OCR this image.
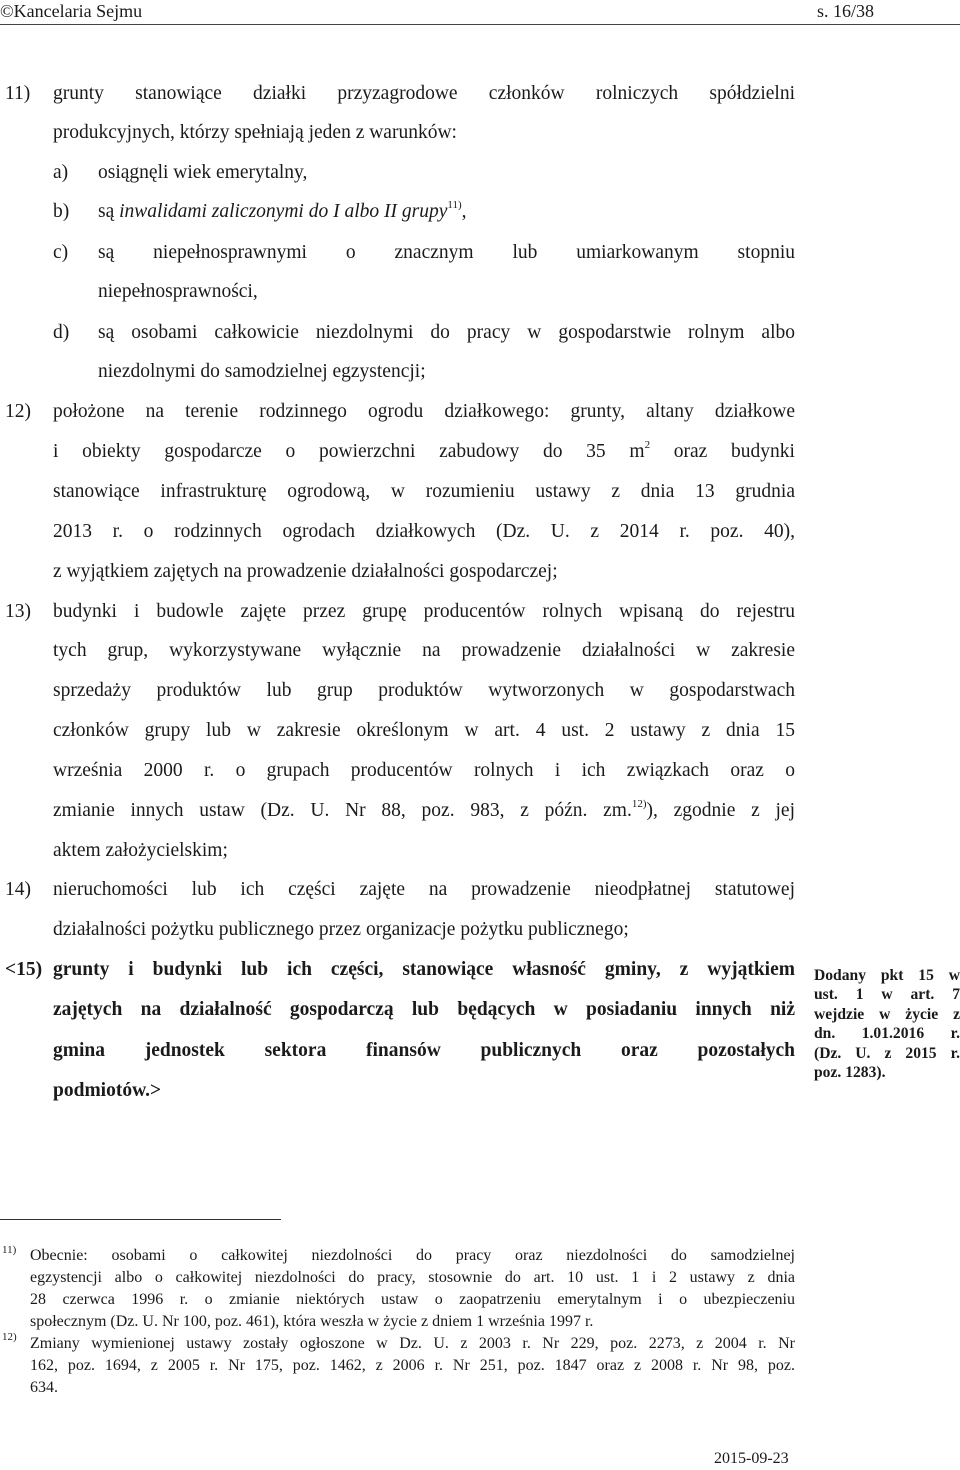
©Kancelaria Sejmu	s. 16/38
11) grunty stanowiące działki przyzagrodowe członków rolniczych spółdzielni
produkcyjnych, którzy spełniają jeden z warunków:
a) osiągnęli wiek emerytalny,
b) są inwalidami zaliczonymi do I albo II grupy$^{11)}$,
c) są niepełnosprawnymi o znacznym lub umiarkowanym stopniu
niepełnosprawności,
d) są osobami całkowicie niezdolnymi do pracy w gospodarstwie rolnym albo
niezdolnymi do samodzielnej egzystencji;
12) położone na terenie rodzinnego ogrodu działkowego: grunty, altany działkowe
i obiekty gospodarcze o powierzchni zabudowy do 35 $m^2$ oraz budynki
stanowiące infrastrukturę ogrodową, w rozumieniu ustawy z dnia 13 grudnia
2013 r. o rodzinnych ogrodach działkowych (Dz. U. z 2014 r. poz. 40),
z wyjątkiem zajętych na prowadzenie działalności gospodarczej;
13) budynki i budowle zajęte przez grupę producentów rolnych wpisaną do rejestru
tych grup, wykorzystywane wyłącznie na prowadzenie działalności w zakresie
sprzedaży produktów lub grup produktów wytworzonych w gospodarstwach
członków grupy lub w zakresie określonym w art. 4 ust. 2 ustawy z dnia 15
września 2000 r. o grupach producentów rolnych i ich związkach oraz o
zmianie innych ustaw (Dz. U. Nr 88, poz. 983, z późn. zm.$^{12)}$), zgodnie z jej
aktem założycielskim;
14) nieruchomości lub ich części zajęte na prowadzenie nieodpłatnej statutowej
działalności pożytku publicznego przez organizacje pożytku publicznego;
<15) grunty i budynki lub ich części, stanowiące własność gminy, z wyjątkiem
zajętych na działalność gospodarczą lub będących w posiadaniu innych niż
gmina jednostek sektora finansów publicznych oraz pozostałych
podmiotów.>
Dodany pkt 15 w
ust. 1 w art. 7
wejdzie w życie z
dn. 1.01.2016 r.
(Dz. U. z 2015 r.
poz. 1283).
11) Obecnie: osobami o całkowitej niezdolności do pracy oraz niezdolności do samodzielnej
egzystencji albo o całkowitej niezdolności do pracy, stosownie do art. 10 ust. 1 i 2 ustawy z dnia
28 czerwca 1996 r. o zmianie niektórych ustaw o zaopatrzeniu emerytalnym i o ubezpieczeniu
społecznym (Dz. U. Nr 100, poz. 461), która weszła w życie z dniem 1 września 1997 r.
12) Zmiany wymienionej ustawy zostały ogłoszone w Dz. U. z 2003 r. Nr 229, poz. 2273, z 2004 r. Nr
162, poz. 1694, z 2005 r. Nr 175, poz. 1462, z 2006 r. Nr 251, poz. 1847 oraz z 2008 r. Nr 98, poz.
634.
2015-09-23
